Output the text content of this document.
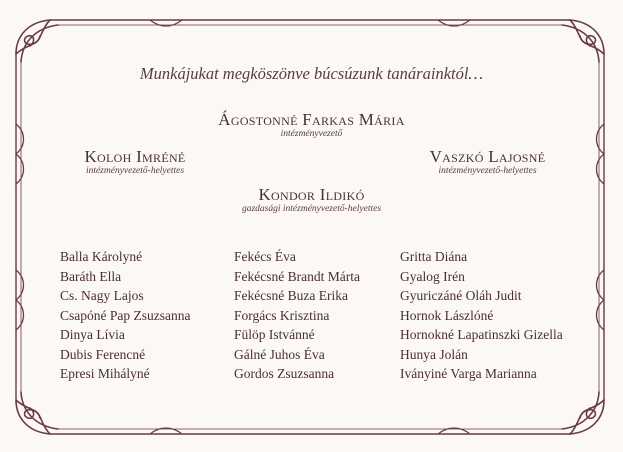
Munkájukat megköszönve búcsúzunk tanárainktól…
Ágostonné Farkas Mária
intézményvezető
Koloh Imréné
intézményvezető-helyettes
Vaszkó Lajosné
intézményvezető-helyettes
Kondor Ildikó
gazdasági intézményvezető-helyettes
Balla Károlyné
Baráth Ella
Cs. Nagy Lajos
Csapóné Pap Zsuzsanna
Dinya Lívia
Dubis Ferencné
Epresi Mihályné
Fekécs Éva
Fekécsné Brandt Márta
Fekécsné Buza Erika
Forgács Krisztina
Fülöp Istvánné
Gálné Juhos Éva
Gordos Zsuzsanna
Gritta Diána
Gyalog Irén
Gyuriczáné Oláh Judit
Hornok Lászlóné
Hornokné Lapatinszki Gizella
Hunya Jolán
Iványiné Varga Marianna
